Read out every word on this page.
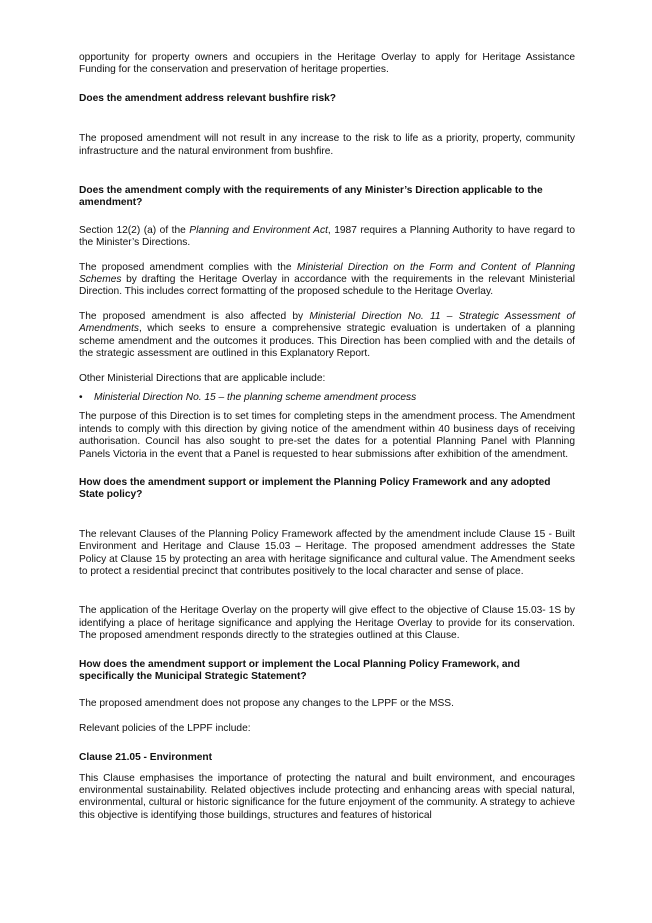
opportunity for property owners and occupiers in the Heritage Overlay to apply for Heritage Assistance Funding for the conservation and preservation of heritage properties.

Does the amendment address relevant bushfire risk?

The proposed amendment will not result in any increase to the risk to life as a priority, property, community infrastructure and the natural environment from bushfire.

Does the amendment comply with the requirements of any Minister’s Direction applicable to the amendment?

Section 12(2) (a) of the Planning and Environment Act, 1987 requires a Planning Authority to have regard to the Minister’s Directions.

The proposed amendment complies with the Ministerial Direction on the Form and Content of Planning Schemes by drafting the Heritage Overlay in accordance with the requirements in the relevant Ministerial Direction. This includes correct formatting of the proposed schedule to the Heritage Overlay.

The proposed amendment is also affected by Ministerial Direction No. 11 – Strategic Assessment of Amendments, which seeks to ensure a comprehensive strategic evaluation is undertaken of a planning scheme amendment and the outcomes it produces. This Direction has been complied with and the details of the strategic assessment are outlined in this Explanatory Report.

Other Ministerial Directions that are applicable include:

•	Ministerial Direction No. 15 – the planning scheme amendment process

The purpose of this Direction is to set times for completing steps in the amendment process. The Amendment intends to comply with this direction by giving notice of the amendment within 40 business days of receiving authorisation. Council has also sought to pre-set the dates for a potential Planning Panel with Planning Panels Victoria in the event that a Panel is requested to hear submissions after exhibition of the amendment.

How does the amendment support or implement the Planning Policy Framework and any adopted State policy?

The relevant Clauses of the Planning Policy Framework affected by the amendment include Clause 15 - Built Environment and Heritage and Clause 15.03 – Heritage. The proposed amendment addresses the State Policy at Clause 15 by protecting an area with heritage significance and cultural value. The Amendment seeks to protect a residential precinct that contributes positively to the local character and sense of place.

The application of the Heritage Overlay on the property will give effect to the objective of Clause 15.03- 1S by identifying a place of heritage significance and applying the Heritage Overlay to provide for its conservation. The proposed amendment responds directly to the strategies outlined at this Clause.

How does the amendment support or implement the Local Planning Policy Framework, and specifically the Municipal Strategic Statement?

The proposed amendment does not propose any changes to the LPPF or the MSS.

Relevant policies of the LPPF include:

Clause 21.05 - Environment

This Clause emphasises the importance of protecting the natural and built environment, and encourages environmental sustainability. Related objectives include protecting and enhancing areas with special natural, environmental, cultural or historic significance for the future enjoyment of the community. A strategy to achieve this objective is identifying those buildings, structures and features of historical
